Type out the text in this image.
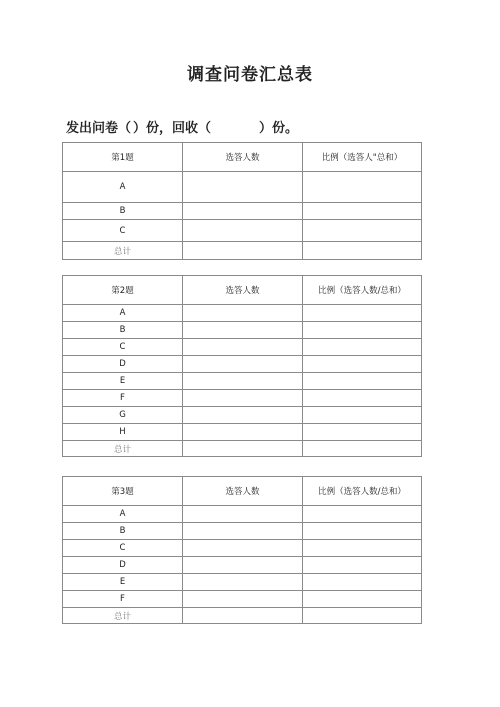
调查问卷汇总表
发出问卷（ ）份，回收（	）份。
第1题	选答人数	比例（选答人"总和）
A		
B		
C		
总计		
第2题	选答人数	比例（选答人数/总和）
A		
B		
C		
D		
E		
F		
G		
H		
总计		
第3题	选答人数	比例（选答人数/总和）
A		
B		
C		
D		
E		
F		
总计		
